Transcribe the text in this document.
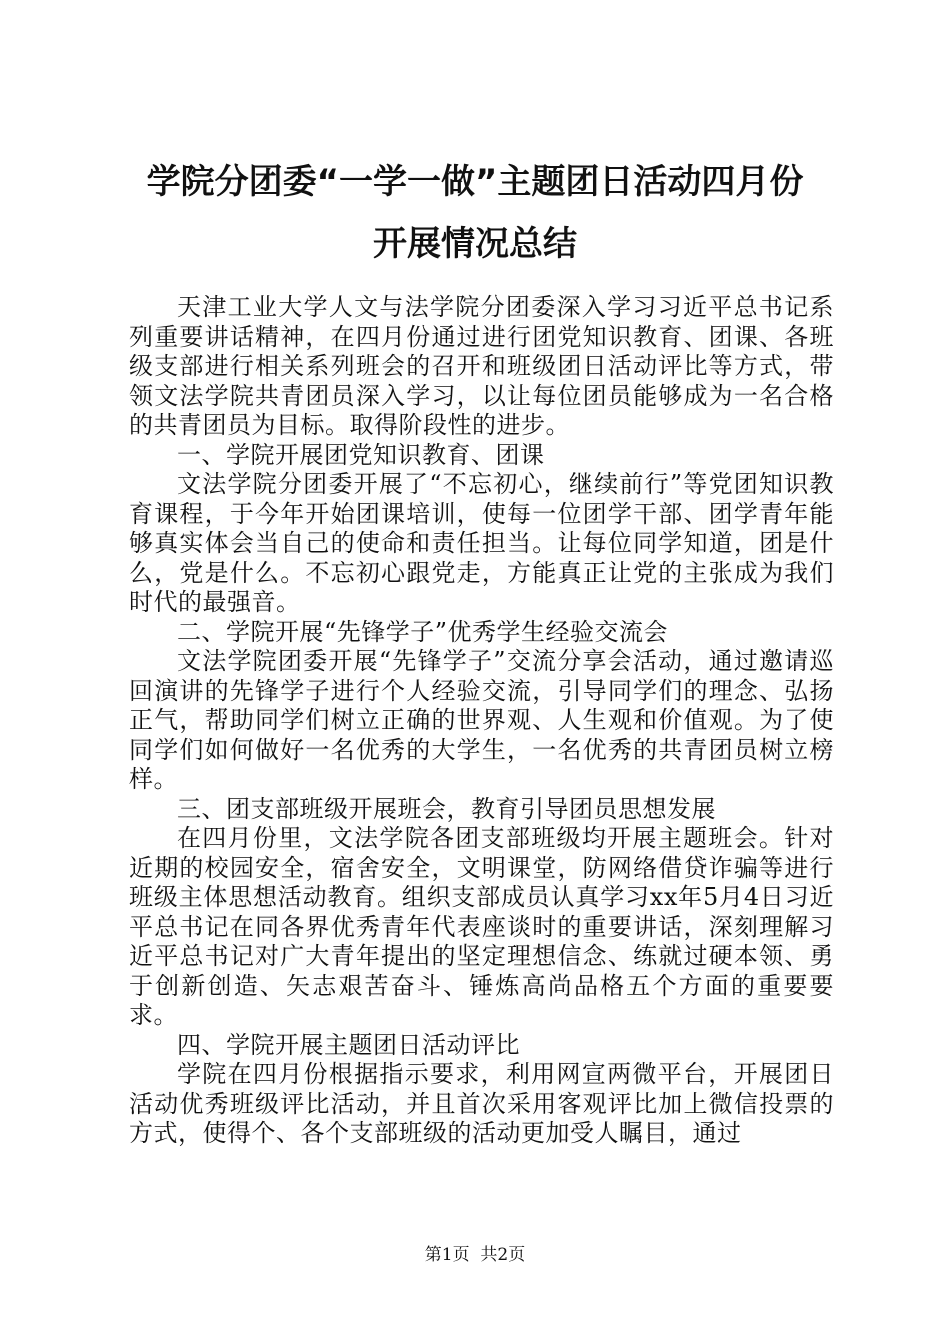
学院分团委“一学一做”主题团日活动四月份
开展情况总结

天津工业大学人文与法学院分团委深入学习习近平总书记系列重要讲话精神，在四月份通过进行团党知识教育、团课、各班级支部进行相关系列班会的召开和班级团日活动评比等方式，带领文法学院共青团员深入学习，以让每位团员能够成为一名合格的共青团员为目标。取得阶段性的进步。

一、学院开展团党知识教育、团课

文法学院分团委开展了“不忘初心，继续前行”等党团知识教育课程，于今年开始团课培训，使每一位团学干部、团学青年能够真实体会当自己的使命和责任担当。让每位同学知道，团是什么，党是什么。不忘初心跟党走，方能真正让党的主张成为我们时代的最强音。

二、学院开展“先锋学子”优秀学生经验交流会

文法学院团委开展“先锋学子”交流分享会活动，通过邀请巡回演讲的先锋学子进行个人经验交流，引导同学们的理念、弘扬正气，帮助同学们树立正确的世界观、人生观和价值观。为了使同学们如何做好一名优秀的大学生，一名优秀的共青团员树立榜样。

三、团支部班级开展班会，教育引导团员思想发展

在四月份里，文法学院各团支部班级均开展主题班会。针对近期的校园安全，宿舍安全，文明课堂，防网络借贷诈骗等进行班级主体思想活动教育。组织支部成员认真学习xx年5月4日习近平总书记在同各界优秀青年代表座谈时的重要讲话，深刻理解习近平总书记对广大青年提出的坚定理想信念、练就过硬本领、勇于创新创造、矢志艰苦奋斗、锤炼高尚品格五个方面的重要要求。

四、学院开展主题团日活动评比

学院在四月份根据指示要求，利用网宣两微平台，开展团日活动优秀班级评比活动，并且首次采用客观评比加上微信投票的方式，使得个、各个支部班级的活动更加受人瞩目，通过

第1页  共2页
